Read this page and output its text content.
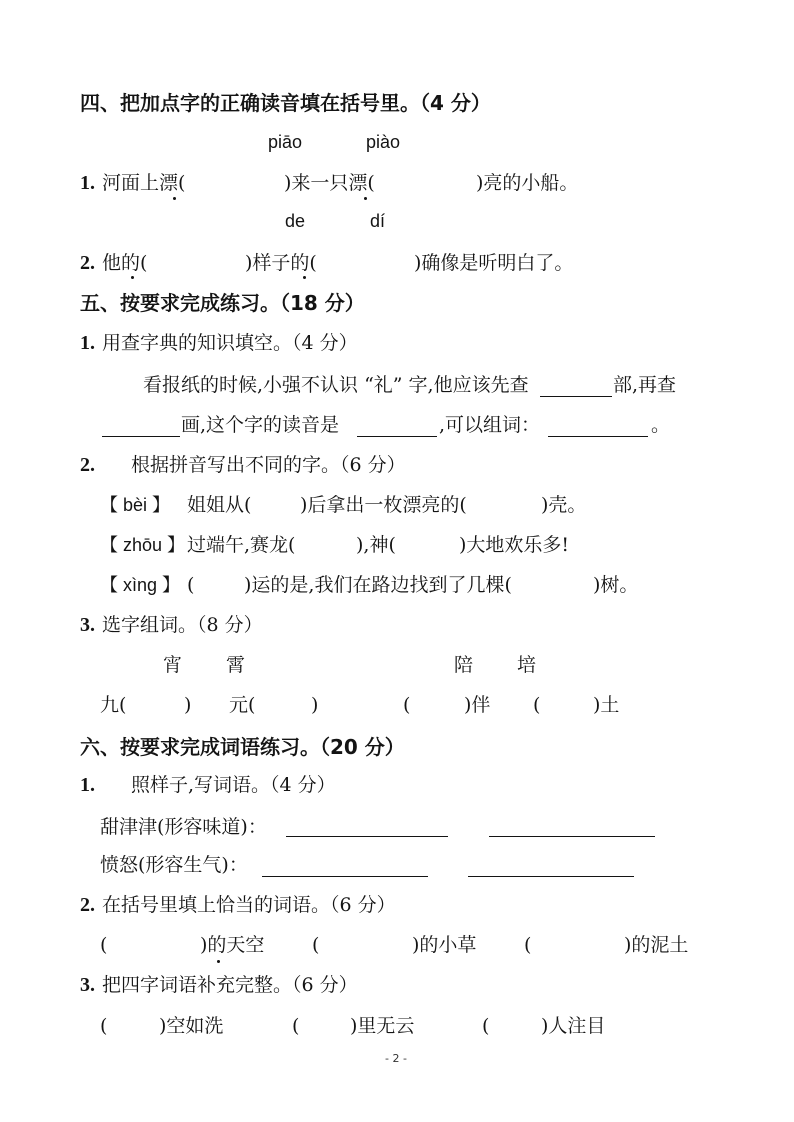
四、把加点字的正确读音填在括号里。（4 分）
piāo	piào
1. 河面上漂(	)来一只漂(	)亮的小船。
de	dí
2. 他的(	)样子的(	)确像是听明白了。
五、按要求完成练习。（18 分）
1. 用查字典的知识填空。（4 分）
看报纸的时候,小强不认识 “礼” 字,他应该先查	部,再查
画,这个字的读音是	,可以组词：	。
2. 根据拼音写出不同的字。（6 分）
【 bèi 】 姐姐从(	)后拿出一枚漂亮的(	)壳。
【 zhōu 】 过端午,赛龙(	),神(	)大地欢乐多!
【 xìng 】 (	)运的是,我们在路边找到了几棵(	)树。
3. 选字组词。（8 分）
宵 霄	陪 培
九(	) 元(	)	(	)伴 (	)土
六、按要求完成词语练习。（20 分）
1. 照样子,写词语。（4 分）
甜津津(形容味道)：
愤怒(形容生气)：
2. 在括号里填上恰当的词语。（6 分）
(	)的天空	(	)的小草	(	)的泥土
3. 把四字词语补充完整。（6 分）
(	)空如洗	(	)里无云	(	)人注目
- 2 -
